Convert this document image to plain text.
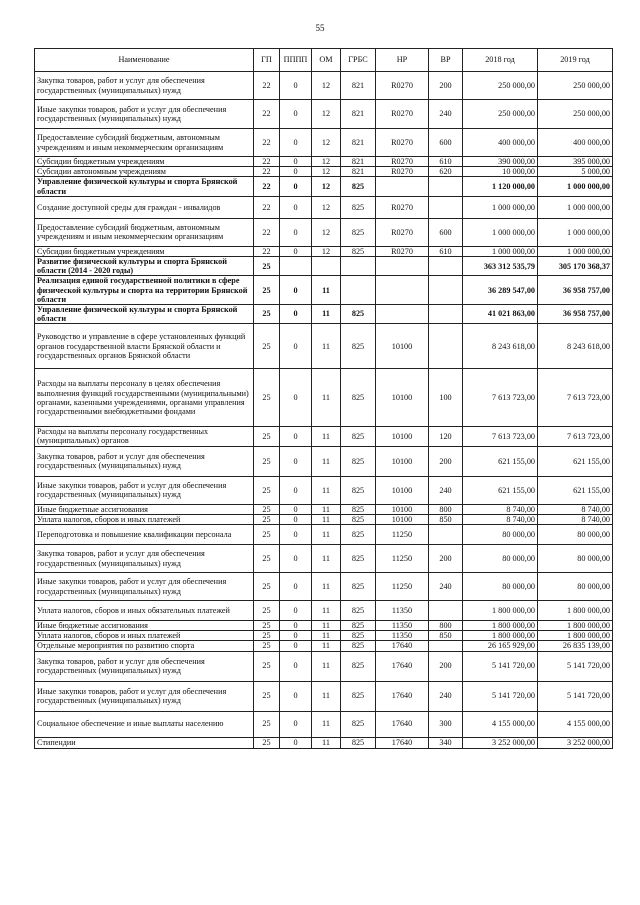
55
Наименование	ГП	ПППП	ОМ	ГРБС	НР	ВР	2018 год	2019 год
Закупка товаров, работ и услуг для обеспечения государственных (муниципальных) нужд	22	0	12	821	R0270	200	250 000,00	250 000,00
Иные закупки товаров, работ и услуг для обеспечения государственных (муниципальных) нужд	22	0	12	821	R0270	240	250 000,00	250 000,00
Предоставление субсидий бюджетным, автономным учреждениям и иным некоммерческим организациям	22	0	12	821	R0270	600	400 000,00	400 000,00
Субсидии бюджетным учреждениям	22	0	12	821	R0270	610	390 000,00	395 000,00
Субсидии автономным учреждениям	22	0	12	821	R0270	620	10 000,00	5 000,00
Управление физической культуры и спорта Брянской области	22	0	12	825			1 120 000,00	1 000 000,00
Создание доступной среды для граждан - инвалидов	22	0	12	825	R0270		1 000 000,00	1 000 000,00
Предоставление субсидий бюджетным, автономным учреждениям и иным некоммерческим организациям	22	0	12	825	R0270	600	1 000 000,00	1 000 000,00
Субсидии бюджетным учреждениям	22	0	12	825	R0270	610	1 000 000,00	1 000 000,00
Развитие физической культуры и спорта Брянской области (2014 - 2020 годы)	25						363 312 535,79	305 170 368,37
Реализация единой государственной политики в сфере физической культуры и спорта на территории Брянской области	25	0	11				36 289 547,00	36 958 757,00
Управление физической культуры и спорта Брянской области	25	0	11	825			41 021 863,00	36 958 757,00
Руководство и управление в сфере установленных функций органов государственной власти Брянской области и государственных органов Брянской области	25	0	11	825	10100		8 243 618,00	8 243 618,00
Расходы на выплаты персоналу в целях обеспечения выполнения функций государственными (муниципальными) органами, казенными учреждениями, органами управления государственными внебюджетными фондами	25	0	11	825	10100	100	7 613 723,00	7 613 723,00
Расходы на выплаты персоналу государственных (муниципальных) органов	25	0	11	825	10100	120	7 613 723,00	7 613 723,00
Закупка товаров, работ и услуг для обеспечения государственных (муниципальных) нужд	25	0	11	825	10100	200	621 155,00	621 155,00
Иные закупки товаров, работ и услуг для обеспечения государственных (муниципальных) нужд	25	0	11	825	10100	240	621 155,00	621 155,00
Иные бюджетные ассигнования	25	0	11	825	10100	800	8 740,00	8 740,00
Уплата налогов, сборов и иных платежей	25	0	11	825	10100	850	8 740,00	8 740,00
Переподготовка и повышение квалификации персонала	25	0	11	825	11250		80 000,00	80 000,00
Закупка товаров, работ и услуг для обеспечения государственных (муниципальных) нужд	25	0	11	825	11250	200	80 000,00	80 000,00
Иные закупки товаров, работ и услуг для обеспечения государственных (муниципальных) нужд	25	0	11	825	11250	240	80 000,00	80 000,00
Уплата налогов, сборов и иных обязательных платежей	25	0	11	825	11350		1 800 000,00	1 800 000,00
Иные бюджетные ассигнования	25	0	11	825	11350	800	1 800 000,00	1 800 000,00
Уплата налогов, сборов и иных платежей	25	0	11	825	11350	850	1 800 000,00	1 800 000,00
Отдельные мероприятия по развитию спорта	25	0	11	825	17640		26 165 929,00	26 835 139,00
Закупка товаров, работ и услуг для обеспечения государственных (муниципальных) нужд	25	0	11	825	17640	200	5 141 720,00	5 141 720,00
Иные закупки товаров, работ и услуг для обеспечения государственных (муниципальных) нужд	25	0	11	825	17640	240	5 141 720,00	5 141 720,00
Социальное обеспечение и иные выплаты населению	25	0	11	825	17640	300	4 155 000,00	4 155 000,00
Стипендии	25	0	11	825	17640	340	3 252 000,00	3 252 000,00
